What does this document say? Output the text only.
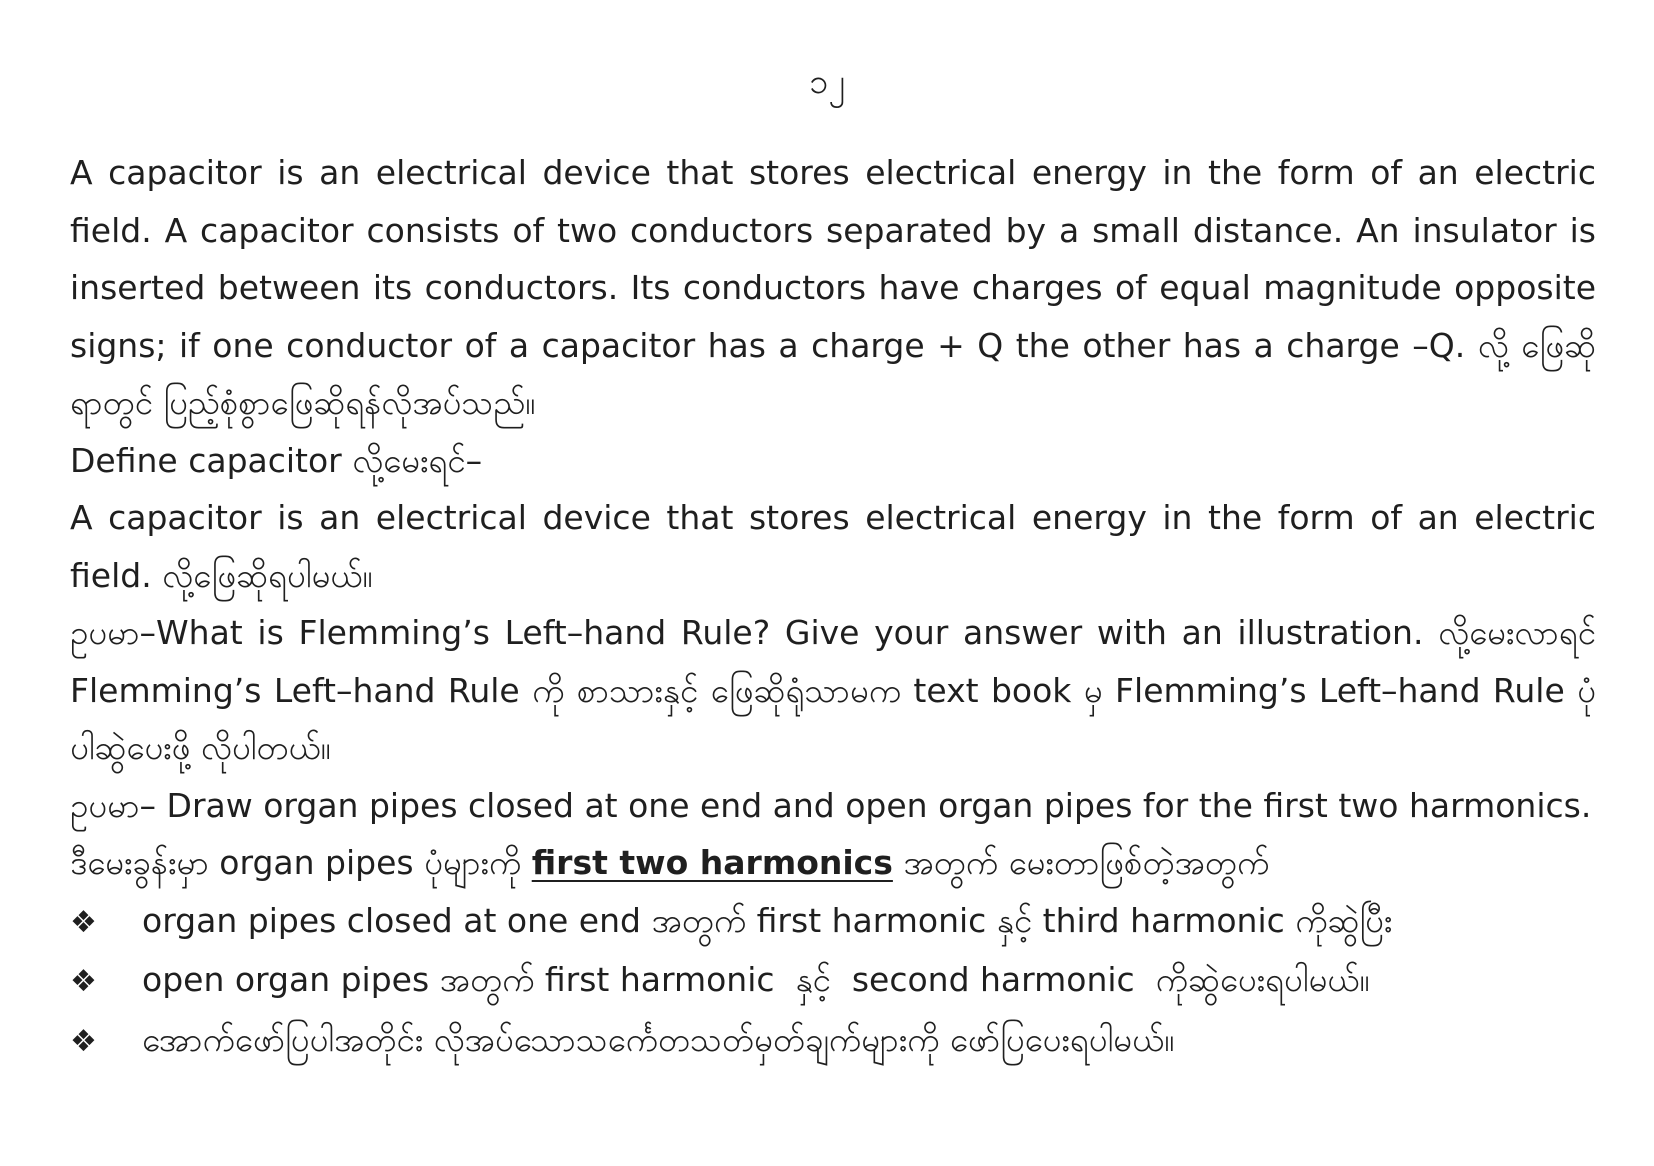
၁၂

A capacitor is an electrical device that stores electrical energy in the form of an electric field. A capacitor consists of two conductors separated by a small distance. An insulator is inserted between its conductors. Its conductors have charges of equal magnitude opposite signs; if one conductor of a capacitor has a charge + Q the other has a charge –Q. လို့ ဖြေဆိုရာတွင် ပြည့်စုံစွာဖြေဆိုရန်လိုအပ်သည်။

Define capacitor လို့မေးရင်–

A capacitor is an electrical device that stores electrical energy in the form of an electric field. လို့ဖြေဆိုရပါမယ်။

ဥပမာ–What is Flemming’s Left–hand Rule? Give your answer with an illustration. လို့မေးလာရင် Flemming’s Left–hand Rule ကို စာသားနှင့် ဖြေဆိုရုံသာမက text book မှ Flemming’s Left–hand Rule ပုံပါဆွဲပေးဖို့ လိုပါတယ်။

ဥပမာ– Draw organ pipes closed at one end and open organ pipes for the first two harmonics.

ဒီမေးခွန်းမှာ organ pipes ပုံများကို first two harmonics အတွက် မေးတာဖြစ်တဲ့အတွက်

❖	organ pipes closed at one end အတွက် first harmonic နှင့် third harmonic ကိုဆွဲပြီး
❖	open organ pipes အတွက် first harmonic  နှင့်  second harmonic  ကိုဆွဲပေးရပါမယ်။
❖	အောက်ဖော်ပြပါအတိုင်း လိုအပ်သောသင်္ကေတသတ်မှတ်ချက်များကို ဖော်ပြပေးရပါမယ်။
